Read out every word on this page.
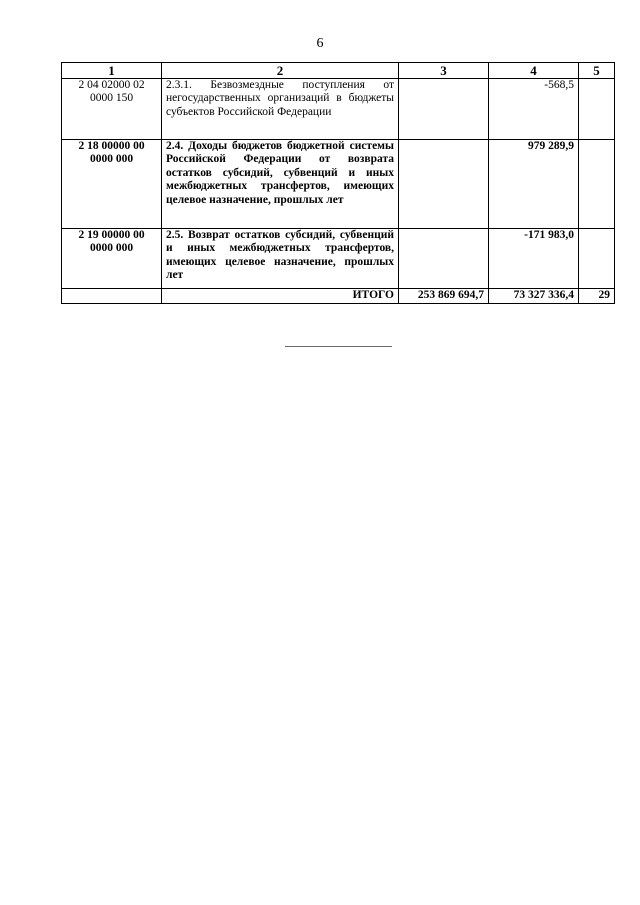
6
1	2	3	4	5
2 04 02000 02 0000 150	2.3.1. Безвозмездные поступления от негосударственных организаций в бюджеты субъектов Российской Федерации		-568,5	
2 18 00000 00 0000 000	2.4. Доходы бюджетов бюджетной системы Российской Федерации от возврата остатков субсидий, субвенций и иных межбюджетных трансфертов, имеющих целевое назначение, прошлых лет		979 289,9	
2 19 00000 00 0000 000	2.5. Возврат остатков субсидий, субвенций и иных межбюджетных трансфертов, имеющих целевое назначение, прошлых лет		-171 983,0	
	ИТОГО	253 869 694,7	73 327 336,4	29
